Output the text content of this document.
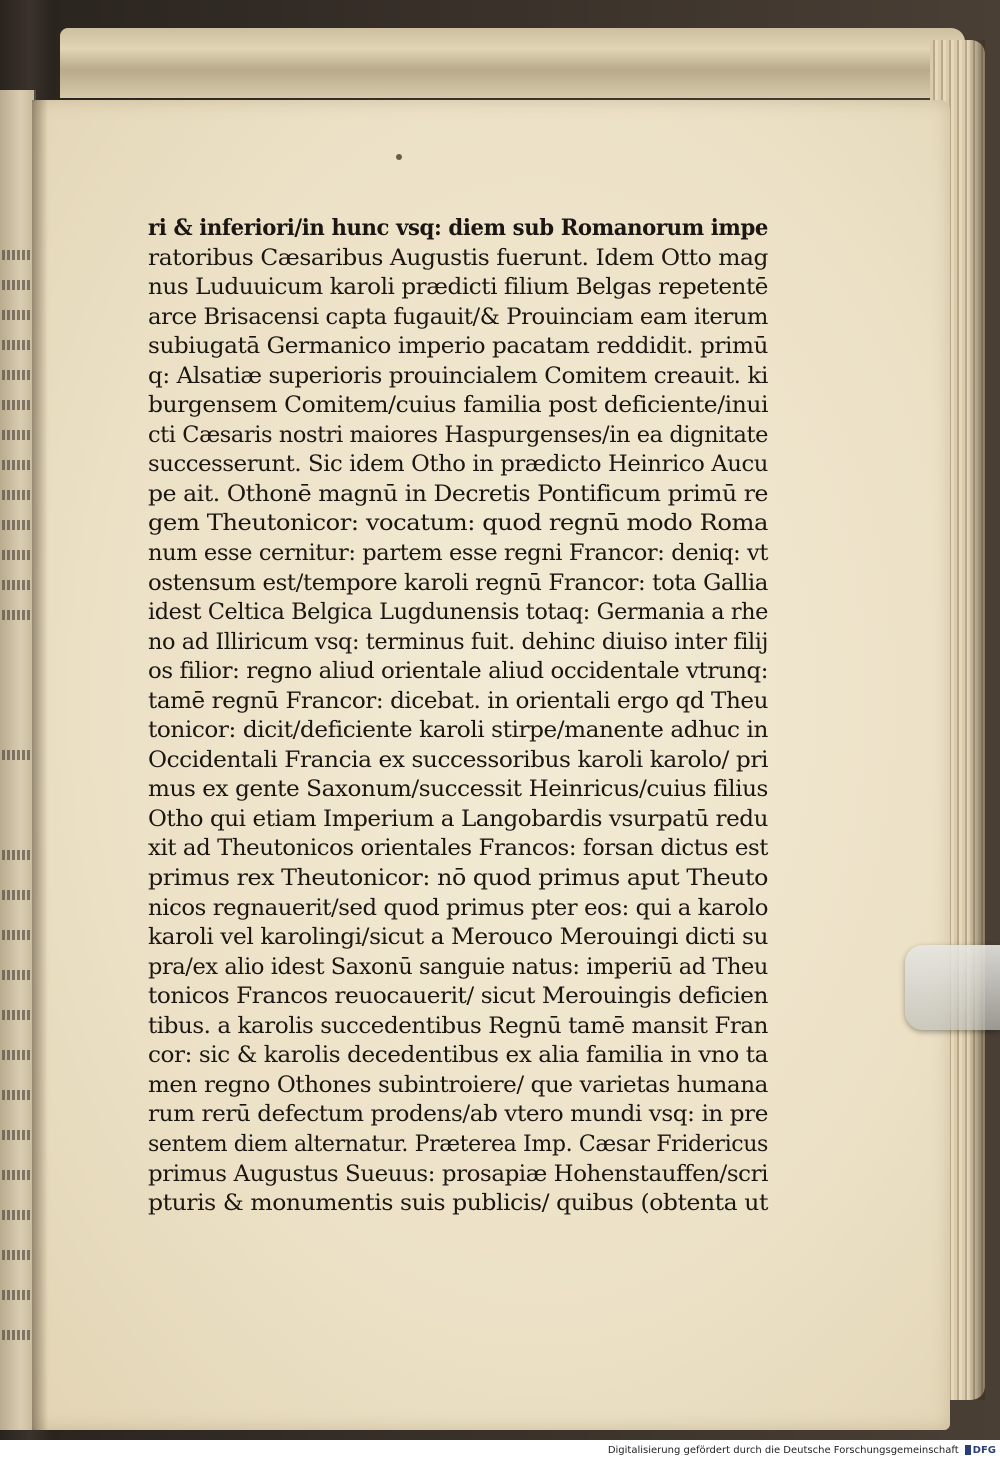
ri & inferiori/in hunc vsq: diem sub Romanorum impe
ratoribus Cæsaribus Augustis fuerunt. Idem Otto mag
nus Luduuicum karoli prædicti filium Belgas repetentē
arce Brisacensi capta fugauit/& Prouinciam eam iterum
subiugatā Germanico imperio pacatam reddidit. primū
q: Alsatiæ superioris prouincialem Comitem creauit. ki
burgensem Comitem/cuius familia post deficiente/inui
cti Cæsaris nostri maiores Haspurgenses/in ea dignitate
successerunt. Sic idem Otho in prædicto Heinrico Aucu
pe ait. Othonē magnū in Decretis Pontificum primū re
gem Theutonicor: vocatum: quod regnū modo Roma
num esse cernitur: partem esse regni Francor: deniq: vt
ostensum est/tempore karoli regnū Francor: tota Gallia
idest Celtica Belgica Lugdunensis totaq: Germania a rhe
no ad Illiricum vsq: terminus fuit. dehinc diuiso inter filij
os filior: regno aliud orientale aliud occidentale vtrunq:
tamē regnū Francor: dicebat. in orientali ergo qd Theu
tonicor: dicit/deficiente karoli stirpe/manente adhuc in
Occidentali Francia ex successoribus karoli karolo/ pri
mus ex gente Saxonum/successit Heinricus/cuius filius
Otho qui etiam Imperium a Langobardis vsurpatū redu
xit ad Theutonicos orientales Francos: forsan dictus est
primus rex Theutonicor: nō quod primus aput Theuto
nicos regnauerit/sed quod primus pter eos: qui a karolo
karoli vel karolingi/sicut a Merouco Merouingi dicti su
pra/ex alio idest Saxonū sanguie natus: imperiū ad Theu
tonicos Francos reuocauerit/ sicut Merouingis deficien
tibus. a karolis succedentibus Regnū tamē mansit Fran
cor: sic & karolis decedentibus ex alia familia in vno ta
men regno Othones subintroiere/ que varietas humana
rum rerū defectum prodens/ab vtero mundi vsq: in pre
sentem diem alternatur. Præterea Imp. Cæsar Fridericus
primus Augustus Sueuus: prosapiæ Hohenstauffen/scri
pturis & monumentis suis publicis/ quibus (obtenta ut
Digitalisierung gefördert durch die Deutsche Forschungsgemeinschaft	DFG
